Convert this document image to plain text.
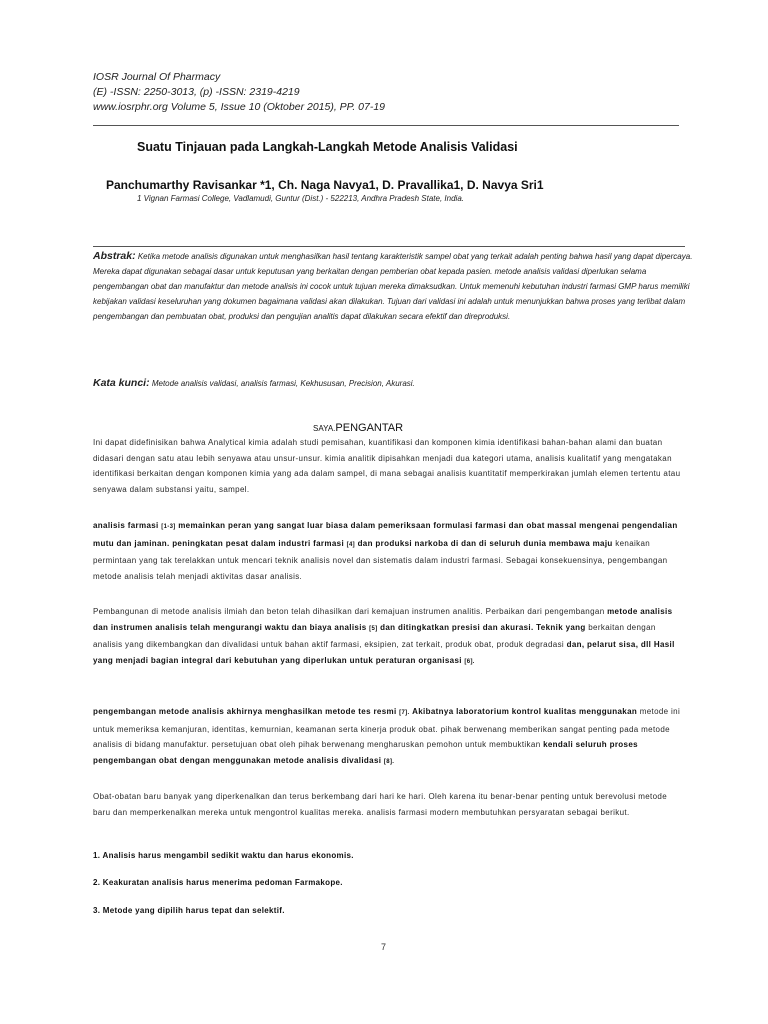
IOSR Journal Of Pharmacy
(E) -ISSN: 2250-3013, (p) -ISSN: 2319-4219
www.iosrphr.org Volume 5, Issue 10 (Oktober 2015), PP. 07-19
Suatu Tinjauan pada Langkah-Langkah Metode Analisis Validasi
Panchumarthy Ravisankar *1, Ch. Naga Navya1, D. Pravallika1, D. Navya Sri1
1 Vignan Farmasi College, Vadlamudi, Guntur (Dist.) - 522213, Andhra Pradesh State, India.
Abstrak: Ketika metode analisis digunakan untuk menghasilkan hasil tentang karakteristik sampel obat yang terkait adalah penting bahwa hasil yang dapat dipercaya. Mereka dapat digunakan sebagai dasar untuk keputusan yang berkaitan dengan pemberian obat kepada pasien. metode analisis validasi diperlukan selama pengembangan obat dan manufaktur dan metode analisis ini cocok untuk tujuan mereka dimaksudkan. Untuk memenuhi kebutuhan industri farmasi GMP harus memiliki kebijakan validasi keseluruhan yang dokumen bagaimana validasi akan dilakukan. Tujuan dari validasi ini adalah untuk menunjukkan bahwa proses yang terlibat dalam pengembangan dan pembuatan obat, produksi dan pengujian analitis dapat dilakukan secara efektif dan direproduksi.
Kata kunci: Metode analisis validasi, analisis farmasi, Kekhususan, Precision, Akurasi.
SAYA.PENGANTAR
Ini dapat didefinisikan bahwa Analytical kimia adalah studi pemisahan, kuantifikasi dan komponen kimia identifikasi bahan-bahan alami dan buatan didasari dengan satu atau lebih senyawa atau unsur-unsur. kimia analitik dipisahkan menjadi dua kategori utama, analisis kualitatif yang mengatakan identifikasi berkaitan dengan komponen kimia yang ada dalam sampel, di mana sebagai analisis kuantitatif memperkirakan jumlah elemen tertentu atau senyawa dalam substansi yaitu, sampel.
analisis farmasi [1-3] memainkan peran yang sangat luar biasa dalam pemeriksaan formulasi farmasi dan obat massal mengenai pengendalian mutu dan jaminan. peningkatan pesat dalam industri farmasi [4] dan produksi narkoba di dan di seluruh dunia membawa maju kenaikan permintaan yang tak terelakkan untuk mencari teknik analisis novel dan sistematis dalam industri farmasi. Sebagai konsekuensinya, pengembangan metode analisis telah menjadi aktivitas dasar analisis.
Pembangunan di metode analisis ilmiah dan beton telah dihasilkan dari kemajuan instrumen analitis. Perbaikan dari pengembangan metode analisis dan instrumen analisis telah mengurangi waktu dan biaya analisis [5] dan ditingkatkan presisi dan akurasi. Teknik yang berkaitan dengan analisis yang dikembangkan dan divalidasi untuk bahan aktif farmasi, eksipien, zat terkait, produk obat, produk degradasi dan, pelarut sisa, dll Hasil yang menjadi bagian integral dari kebutuhan yang diperlukan untuk peraturan organisasi [6].
pengembangan metode analisis akhirnya menghasilkan metode tes resmi [7]. Akibatnya laboratorium kontrol kualitas menggunakan metode ini untuk memeriksa kemanjuran, identitas, kemurnian, keamanan serta kinerja produk obat. pihak berwenang memberikan sangat penting pada metode analisis di bidang manufaktur. persetujuan obat oleh pihak berwenang mengharuskan pemohon untuk membuktikan kendali seluruh proses pengembangan obat dengan menggunakan metode analisis divalidasi [8].
Obat-obatan baru banyak yang diperkenalkan dan terus berkembang dari hari ke hari. Oleh karena itu benar-benar penting untuk berevolusi metode baru dan memperkenalkan mereka untuk mengontrol kualitas mereka. analisis farmasi modern membutuhkan persyaratan sebagai berikut.
1. Analisis harus mengambil sedikit waktu dan harus ekonomis.
2. Keakuratan analisis harus menerima pedoman Farmakope.
3. Metode yang dipilih harus tepat dan selektif.
7
